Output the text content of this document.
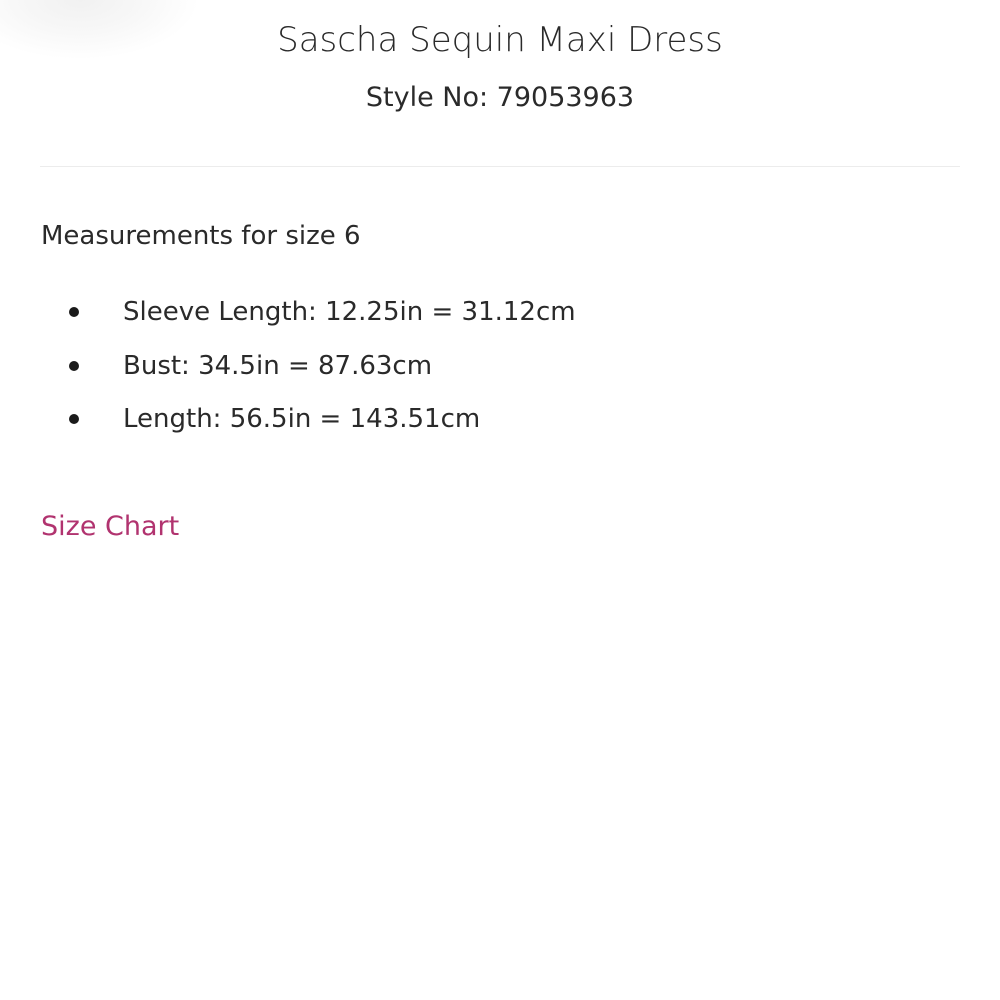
Sascha Sequin Maxi Dress
Style No: 79053963
Measurements for size 6
Sleeve Length: 12.25in = 31.12cm
Bust: 34.5in = 87.63cm
Length: 56.5in = 143.51cm
Size Chart
